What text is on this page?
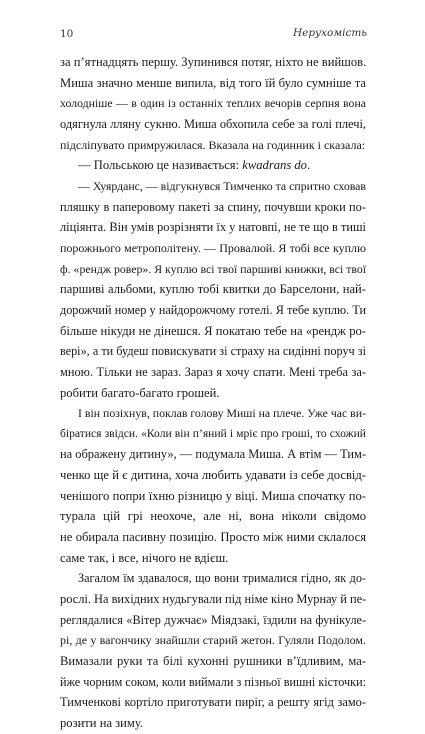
10	Нерухомість
за п’ятнадцять першу. Зупинився потяг, ніхто не вийшов.
Миша значно менше випила, від того їй було сумніше та
холодніше — в один із останніх теплих вечорів серпня вона
одягнула лляну сукню. Миша обхопила себе за голі плечі,
підсліпувато примружилася. Вказала на годинник і сказала:
— Польською це називається: kwadrans do.
— Хуярданс, — відгукнувся Тимченко та спритно сховав
пляшку в паперовому пакеті за спину, почувши кроки по-
ліціянта. Він умів розрізняти їх у натовпі, не те що в тиші
порожнього метрополітену. — Провалюй. Я тобі все куплю
ф. «рендж ровер». Я куплю всі твої паршиві книжки, всі твої
паршиві альбоми, куплю тобі квитки до Барселони, най-
дорожчий номер у найдорожчому готелі. Я тебе куплю. Ти
більше нікуди не дінешся. Я покатаю тебе на «рендж ро-
вері», а ти будеш повискувати зі страху на сидінні поруч зі
мною. Тільки не зараз. Зараз я хочу спати. Мені треба за-
робити багато-багато грошей.
І він позіхнув, поклав голову Миші на плече. Уже час ви-
біратися звідси. «Коли він п’яний і мріє про гроші, то схожий
на ображену дитину», — подумала Миша. А втім — Тим-
ченко ще й є дитина, хоча любить удавати із себе досвід-
ченішого попри їхню різницю у віці. Миша спочатку по-
турала цій грі неохоче, але ні, вона ніколи свідомо
не обирала пасивну позицію. Просто між ними склалося
саме так, і все, нічого не вдієш.
Загалом їм здавалося, що вони трималися гідно, як до-
рослі. На вихідних нудьгували під німе кіно Мурнау й пе-
реглядалися «Вітер дужчає» Міядзакі, їздили на фунікуле-
рі, де у вагончику знайшли старий жетон. Гуляли Подолом.
Вимазали руки та білі кухонні рушники в’їдливим, ма-
йже чорним соком, коли виймали з пізньої вишні кісточки:
Тимченкові кортіло приготувати пиріг, а решту ягід замо-
розити на зиму.
